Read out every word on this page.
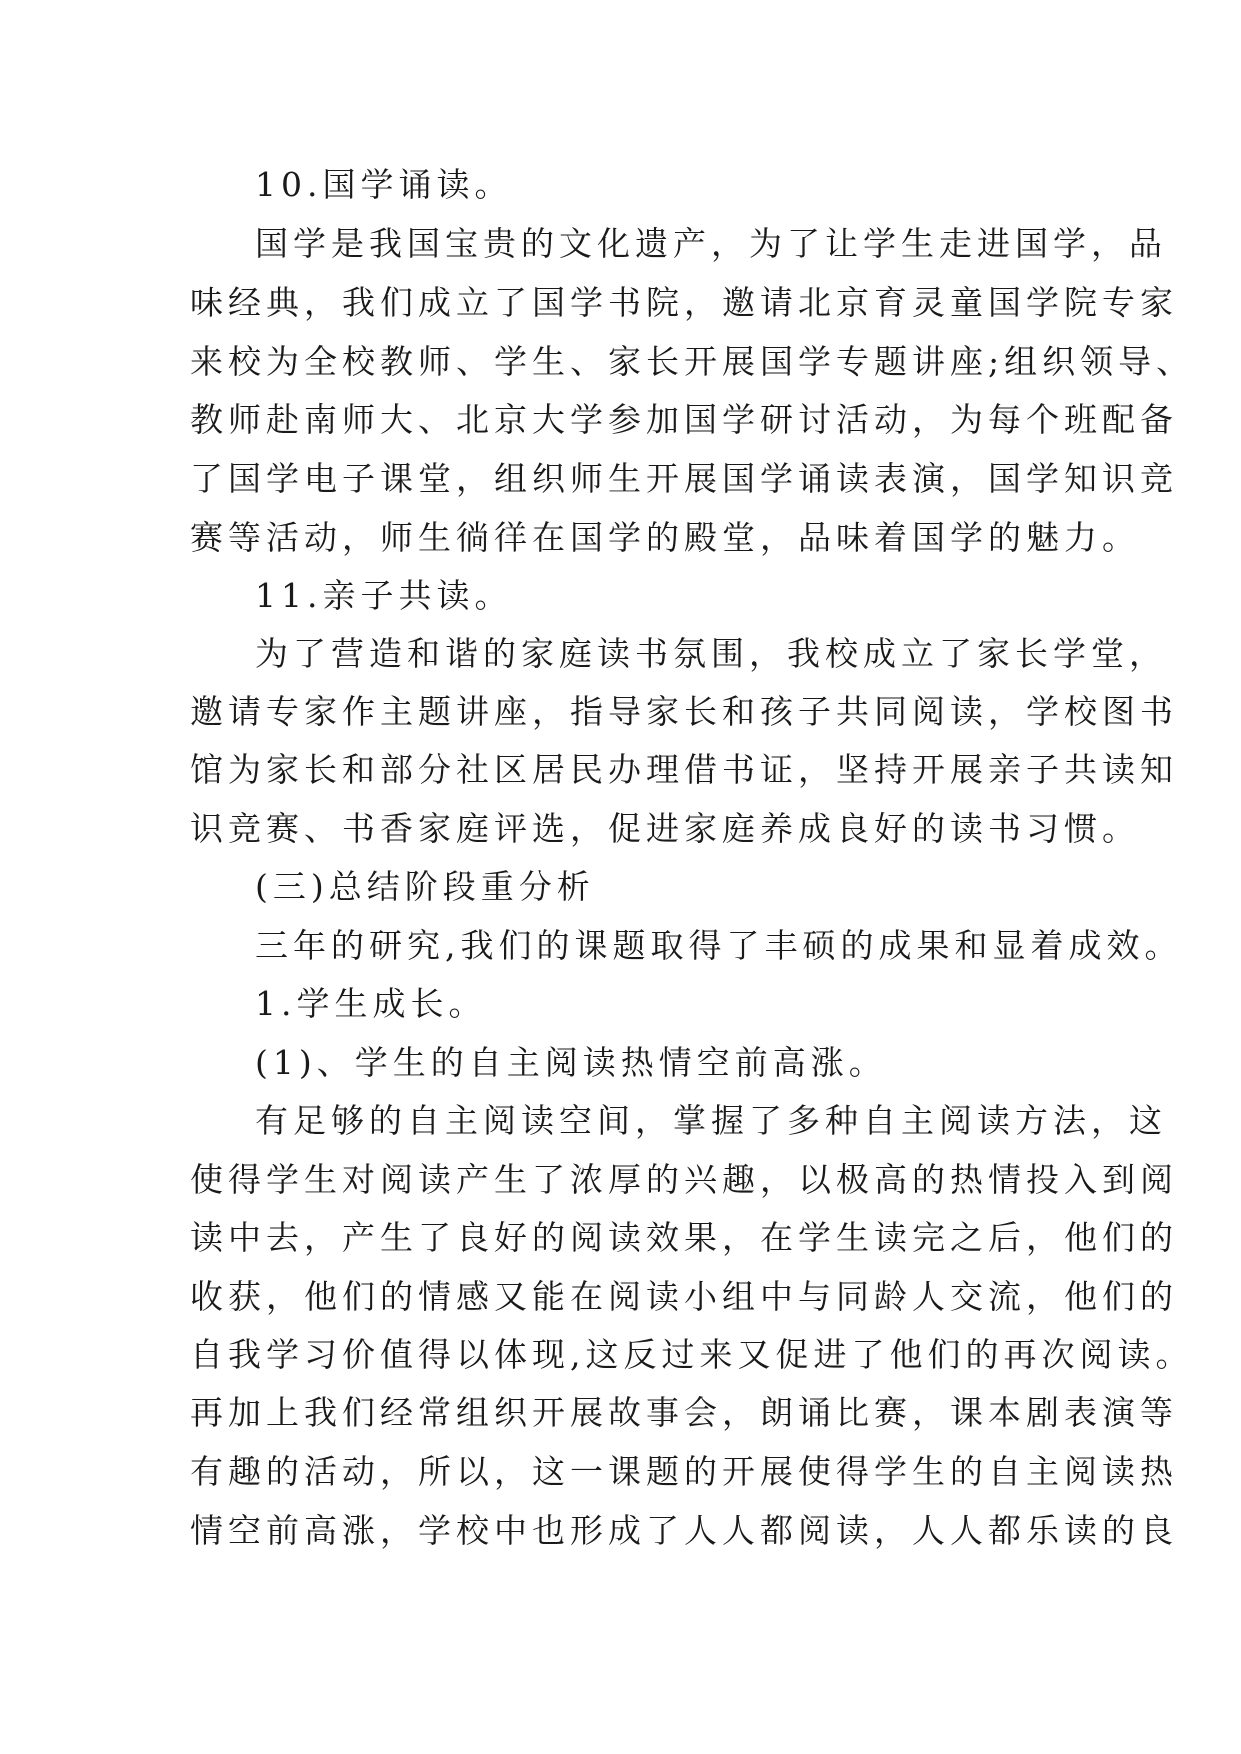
10.国学诵读。
国学是我国宝贵的文化遗产，为了让学生走进国学，品
味经典，我们成立了国学书院，邀请北京育灵童国学院专家
来校为全校教师、学生、家长开展国学专题讲座;组织领导、
教师赴南师大、北京大学参加国学研讨活动，为每个班配备
了国学电子课堂，组织师生开展国学诵读表演，国学知识竞
赛等活动，师生徜徉在国学的殿堂，品味着国学的魅力。
11.亲子共读。
为了营造和谐的家庭读书氛围，我校成立了家长学堂，
邀请专家作主题讲座，指导家长和孩子共同阅读，学校图书
馆为家长和部分社区居民办理借书证，坚持开展亲子共读知
识竞赛、书香家庭评选，促进家庭养成良好的读书习惯。
(三)总结阶段重分析
三年的研究,我们的课题取得了丰硕的成果和显着成效。
1.学生成长。
(1)、学生的自主阅读热情空前高涨。
有足够的自主阅读空间，掌握了多种自主阅读方法，这
使得学生对阅读产生了浓厚的兴趣，以极高的热情投入到阅
读中去，产生了良好的阅读效果，在学生读完之后，他们的
收获，他们的情感又能在阅读小组中与同龄人交流，他们的
自我学习价值得以体现,这反过来又促进了他们的再次阅读。
再加上我们经常组织开展故事会，朗诵比赛，课本剧表演等
有趣的活动，所以，这一课题的开展使得学生的自主阅读热
情空前高涨，学校中也形成了人人都阅读，人人都乐读的良
